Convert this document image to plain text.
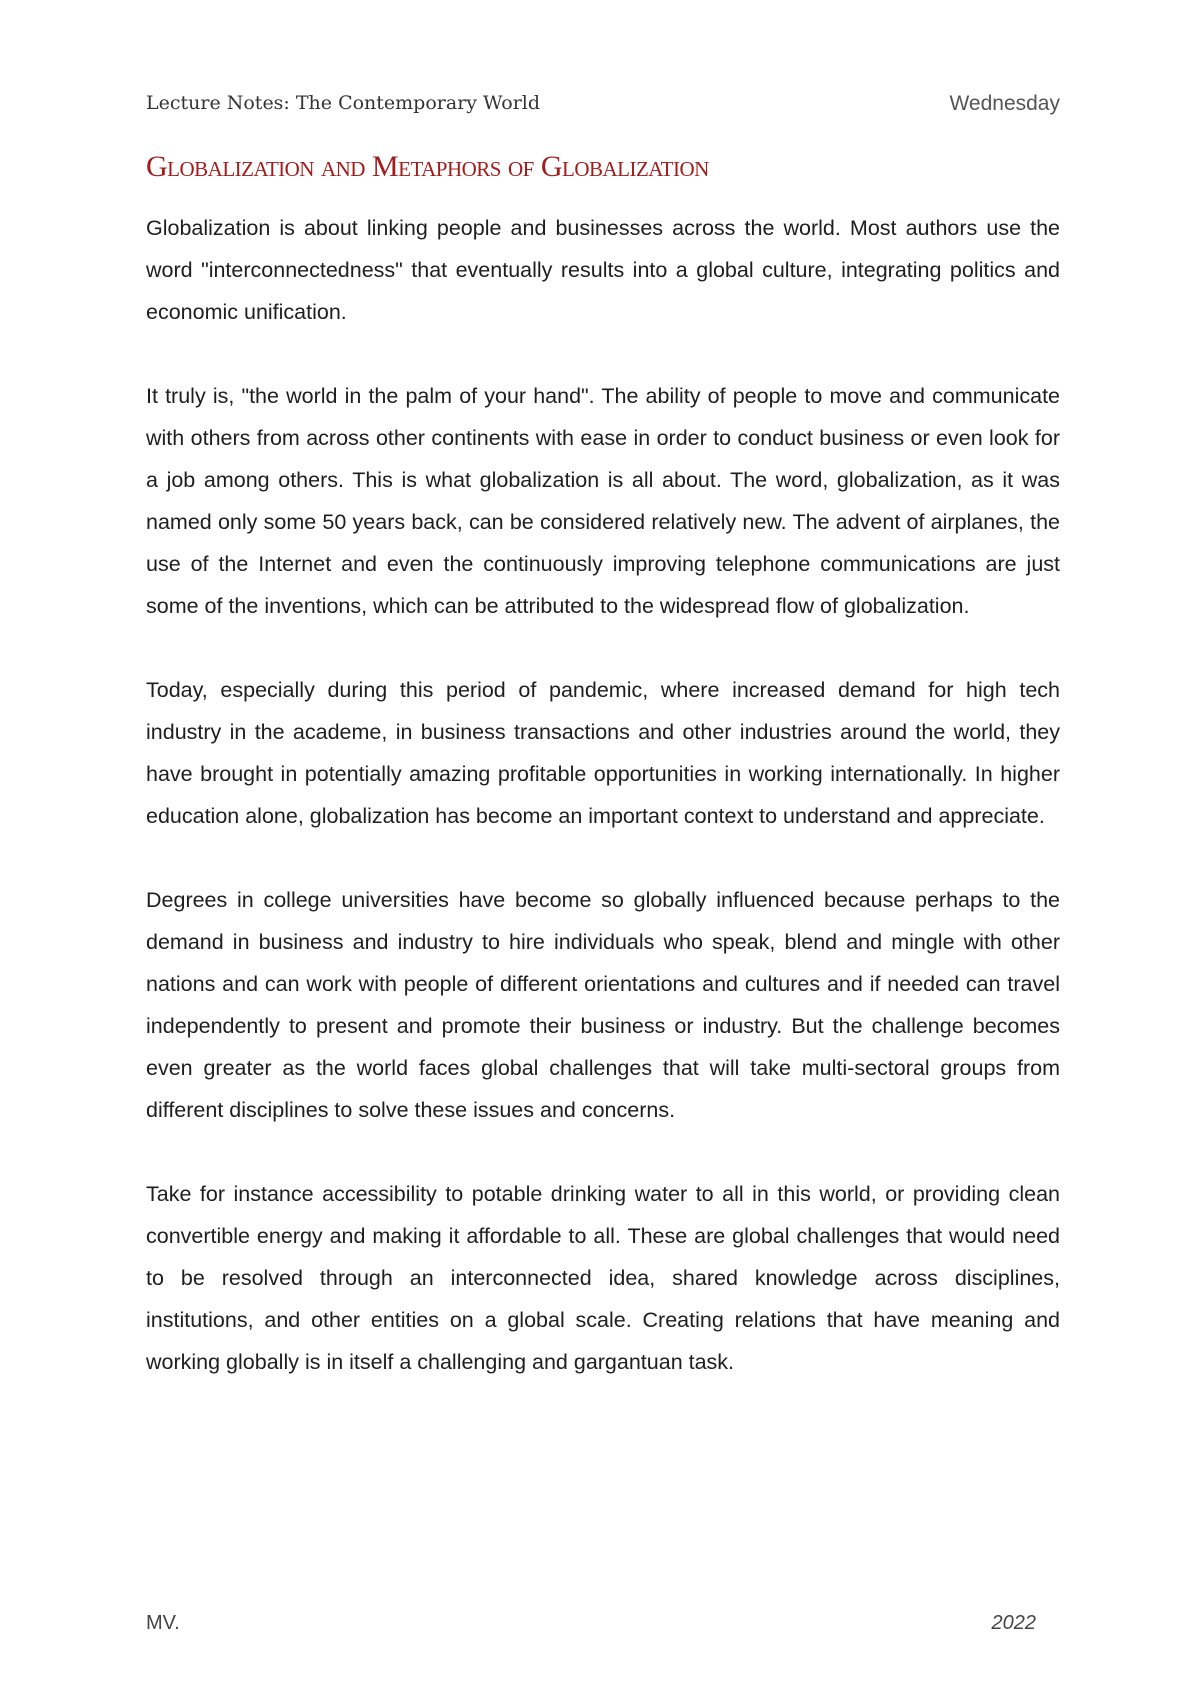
Lecture Notes: The Contemporary World	Wednesday
Globalization and Metaphors of Globalization

Globalization is about linking people and businesses across the world. Most authors use the word "interconnectedness" that eventually results into a global culture, integrating politics and economic unification.

It truly is, "the world in the palm of your hand". The ability of people to move and communicate with others from across other continents with ease in order to conduct business or even look for a job among others. This is what globalization is all about. The word, globalization, as it was named only some 50 years back, can be considered relatively new. The advent of airplanes, the use of the Internet and even the continuously improving telephone communications are just some of the inventions, which can be attributed to the widespread flow of globalization.

Today, especially during this period of pandemic, where increased demand for high tech industry in the academe, in business transactions and other industries around the world, they have brought in potentially amazing profitable opportunities in working internationally. In higher education alone, globalization has become an important context to understand and appreciate.

Degrees in college universities have become so globally influenced because perhaps to the demand in business and industry to hire individuals who speak, blend and mingle with other nations and can work with people of different orientations and cultures and if needed can travel independently to present and promote their business or industry. But the challenge becomes even greater as the world faces global challenges that will take multi-sectoral groups from different disciplines to solve these issues and concerns.

Take for instance accessibility to potable drinking water to all in this world, or providing clean convertible energy and making it affordable to all. These are global challenges that would need to be resolved through an interconnected idea, shared knowledge across disciplines, institutions, and other entities on a global scale. Creating relations that have meaning and working globally is in itself a challenging and gargantuan task.

MV.	2022
